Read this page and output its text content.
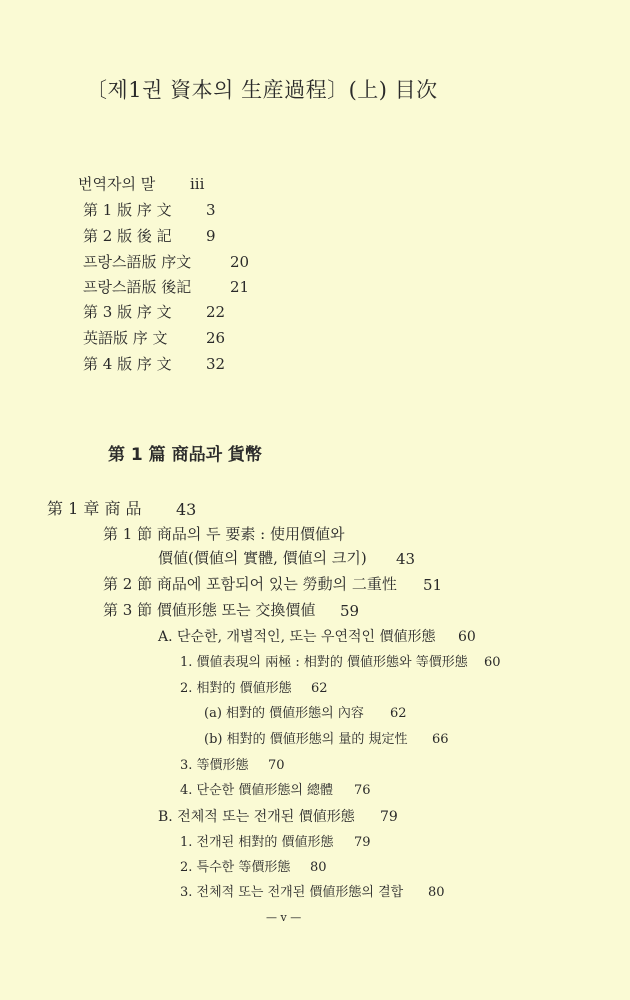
〔제1권 資本의 生産過程〕(上) 目次
번역자의 말 iii
第 1 版 序 文 3
第 2 版 後 記 9
프랑스語版 序文	20
프랑스語版 後記	21
第 3 版 序 文 22
英語版 序 文	26
第 4 版 序 文 32
第 1 篇 商品과 貨幣
第 1 章 商 品 43
第 1 節 商品의 두 要素 : 使用價値와
價値(價値의 實體, 價値의 크기) 43
第 2 節 商品에 포함되어 있는 勞動의 二重性 51
第 3 節 價値形態 또는 交換價値 59
A. 단순한, 개별적인, 또는 우연적인 價値形態 60
1. 價値表現의 兩極 : 相對的 價値形態와 等價形態 60
2. 相對的 價値形態 62
(a) 相對的 價値形態의 內容 62
(b) 相對的 價値形態의 量的 規定性 66
3. 等價形態 70
4. 단순한 價値形態의 總體 76
B. 전체적 또는 전개된 價値形態 79
1. 전개된 相對的 價値形態 79
2. 특수한 等價形態 80
3. 전체적 또는 전개된 價値形態의 결합 80
— v —
